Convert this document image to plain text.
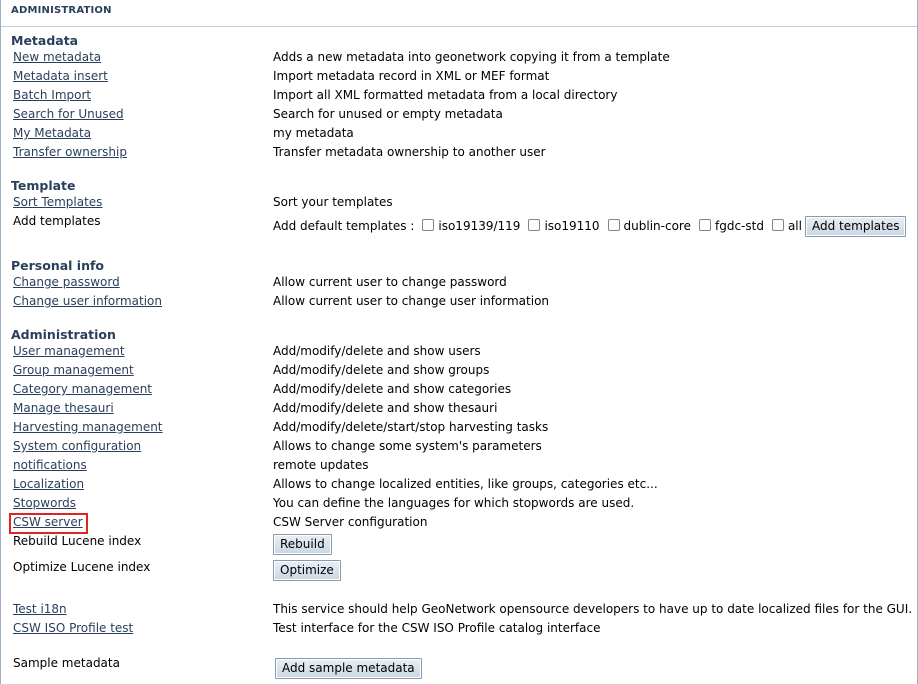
ADMINISTRATION
Metadata
New metadata	Adds a new metadata into geonetwork copying it from a template
Metadata insert	Import metadata record in XML or MEF format
Batch Import	Import all XML formatted metadata from a local directory
Search for Unused	Search for unused or empty metadata
My Metadata	my metadata
Transfer ownership	Transfer metadata ownership to another user
Template
Sort Templates	Sort your templates
Add templates	Add default templates : iso19139/119 iso19110 dublin-core fgdc-std all Add templates
Personal info
Change password	Allow current user to change password
Change user information	Allow current user to change user information
Administration
User management	Add/modify/delete and show users
Group management	Add/modify/delete and show groups
Category management	Add/modify/delete and show categories
Manage thesauri	Add/modify/delete and show thesauri
Harvesting management	Add/modify/delete/start/stop harvesting tasks
System configuration	Allows to change some system's parameters
notifications	remote updates
Localization	Allows to change localized entities, like groups, categories etc...
Stopwords	You can define the languages for which stopwords are used.
CSW server	CSW Server configuration
Rebuild Lucene index	Rebuild
Optimize Lucene index	Optimize
Test i18n	This service should help GeoNetwork opensource developers to have up to date localized files for the GUI.
CSW ISO Profile test	Test interface for the CSW ISO Profile catalog interface
Sample metadata	Add sample metadata
